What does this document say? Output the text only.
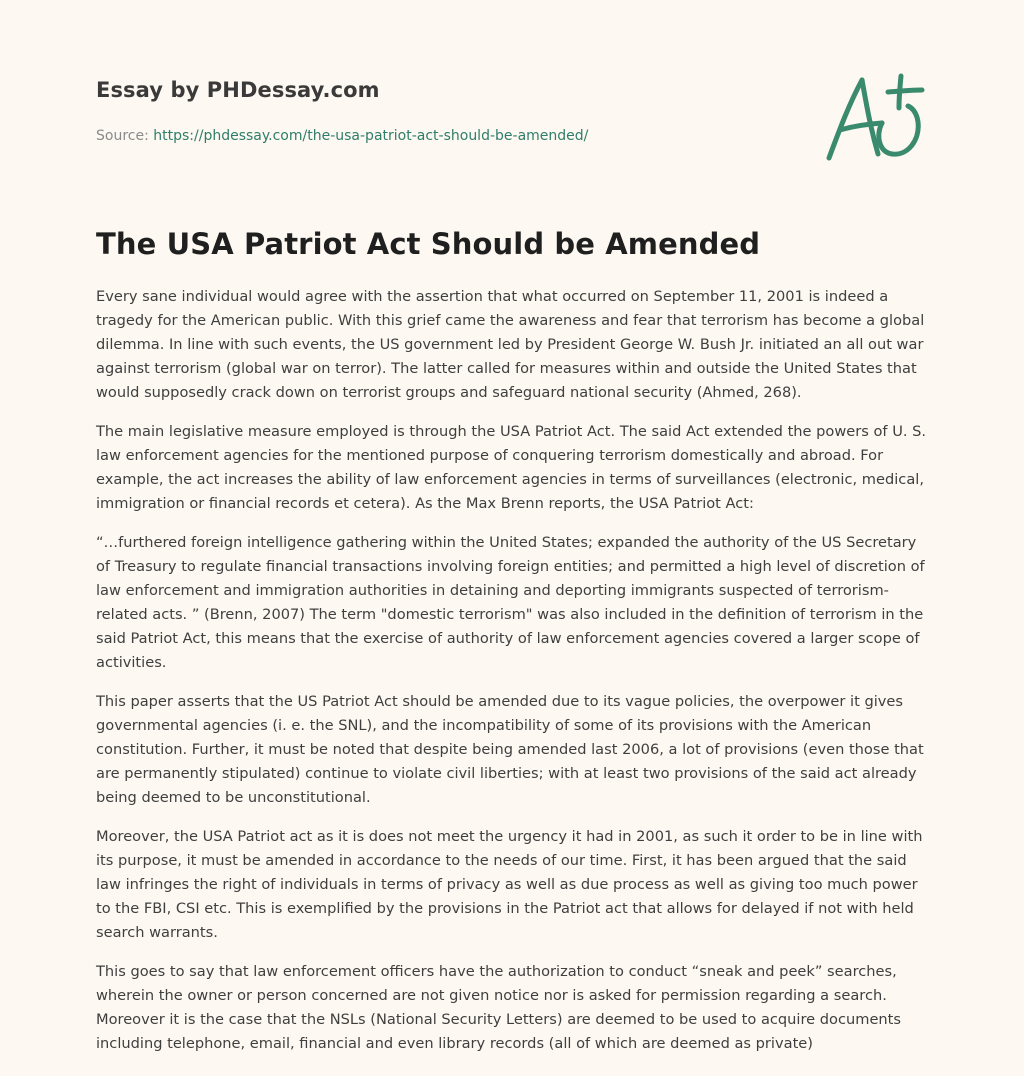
Essay by PHDessay.com
Source: https://phdessay.com/the-usa-patriot-act-should-be-amended/
The USA Patriot Act Should be Amended

Every sane individual would agree with the assertion that what occurred on September 11, 2001 is indeed a tragedy for the American public. With this grief came the awareness and fear that terrorism has become a global dilemma. In line with such events, the US government led by President George W. Bush Jr. initiated an all out war against terrorism (global war on terror). The latter called for measures within and outside the United States that would supposedly crack down on terrorist groups and safeguard national security (Ahmed, 268).

The main legislative measure employed is through the USA Patriot Act. The said Act extended the powers of U. S. law enforcement agencies for the mentioned purpose of conquering terrorism domestically and abroad. For example, the act increases the ability of law enforcement agencies in terms of surveillances (electronic, medical, immigration or financial records et cetera). As the Max Brenn reports, the USA Patriot Act:

“…furthered foreign intelligence gathering within the United States; expanded the authority of the US Secretary of Treasury to regulate financial transactions involving foreign entities; and permitted a high level of discretion of law enforcement and immigration authorities in detaining and deporting immigrants suspected of terrorism-related acts. ” (Brenn, 2007) The term "domestic terrorism" was also included in the definition of terrorism in the said Patriot Act, this means that the exercise of authority of law enforcement agencies covered a larger scope of activities.

This paper asserts that the US Patriot Act should be amended due to its vague policies, the overpower it gives governmental agencies (i. e. the SNL), and the incompatibility of some of its provisions with the American constitution. Further, it must be noted that despite being amended last 2006, a lot of provisions (even those that are permanently stipulated) continue to violate civil liberties; with at least two provisions of the said act already being deemed to be unconstitutional.

Moreover, the USA Patriot act as it is does not meet the urgency it had in 2001, as such it order to be in line with its purpose, it must be amended in accordance to the needs of our time. First, it has been argued that the said law infringes the right of individuals in terms of privacy as well as due process as well as giving too much power to the FBI, CSI etc. This is exemplified by the provisions in the Patriot act that allows for delayed if not with held search warrants.

This goes to say that law enforcement officers have the authorization to conduct “sneak and peek” searches, wherein the owner or person concerned are not given notice nor is asked for permission regarding a search. Moreover it is the case that the NSLs (National Security Letters) are deemed to be used to acquire documents including telephone, email, financial and even library records (all of which are deemed as private)
